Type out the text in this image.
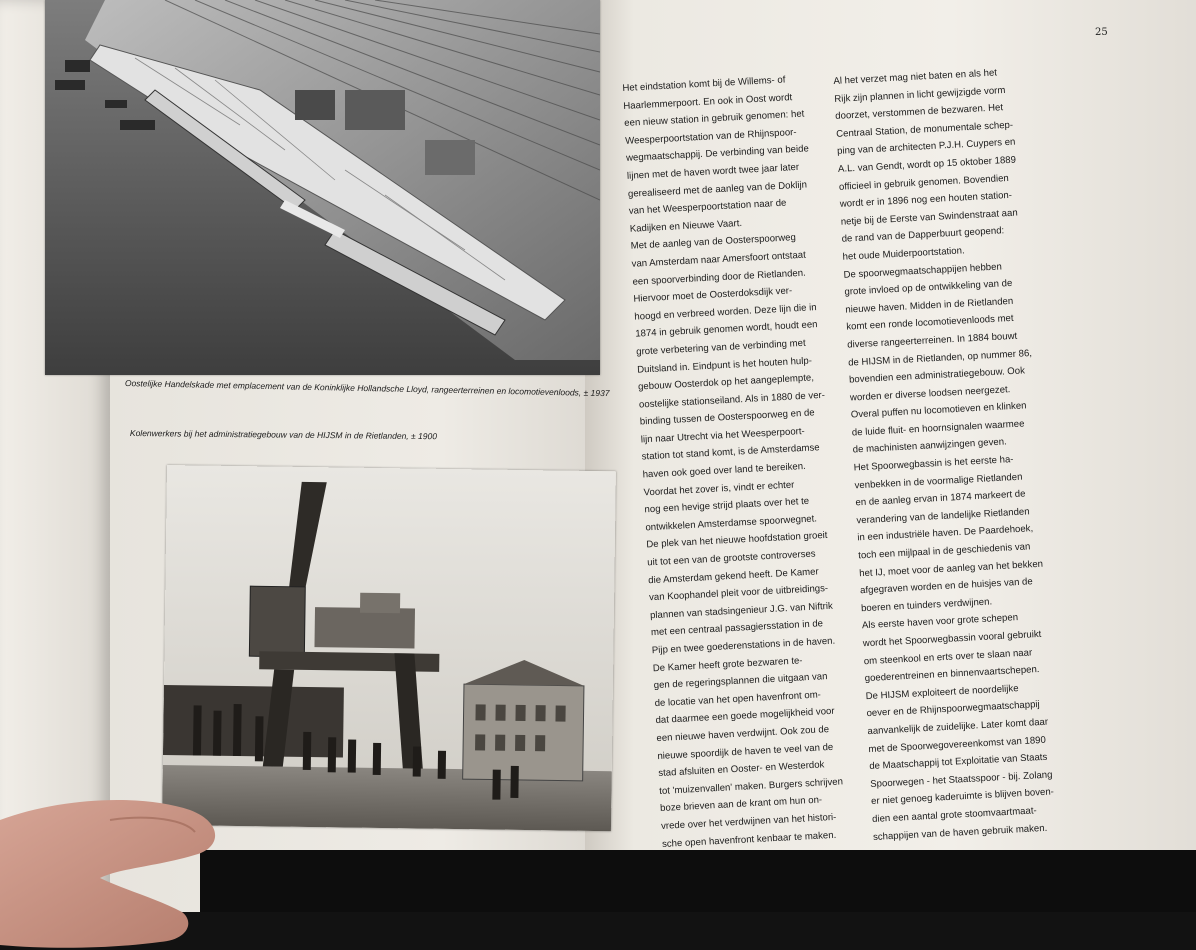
Oostelijke Handelskade met emplacement van de Koninklijke Hollandsche Lloyd, rangeerterreinen en locomotievenloods, ± 1937
Kolenwerkers bij het administratiegebouw van de HIJSM in de Rietlanden, ± 1900
25
Het eindstation komt bij de Willems- of
Haarlemmerpoort. En ook in Oost wordt
een nieuw station in gebruik genomen: het
Weesperpoortstation van de Rhijnspoor-
wegmaatschappij. De verbinding van beide
lijnen met de haven wordt twee jaar later
gerealiseerd met de aanleg van de Doklijn
van het Weesperpoortstation naar de
Kadijken en Nieuwe Vaart.
Met de aanleg van de Oosterspoorweg
van Amsterdam naar Amersfoort ontstaat
een spoorverbinding door de Rietlanden.
Hiervoor moet de Oosterdoksdijk ver-
hoogd en verbreed worden. Deze lijn die in
1874 in gebruik genomen wordt, houdt een
grote verbetering van de verbinding met
Duitsland in. Eindpunt is het houten hulp-
gebouw Oosterdok op het aangeplempte,
oostelijke stationseiland. Als in 1880 de ver-
binding tussen de Oosterspoorweg en de
lijn naar Utrecht via het Weesperpoort-
station tot stand komt, is de Amsterdamse
haven ook goed over land te bereiken.
Voordat het zover is, vindt er echter
nog een hevige strijd plaats over het te
ontwikkelen Amsterdamse spoorwegnet.
De plek van het nieuwe hoofdstation groeit
uit tot een van de grootste controverses
die Amsterdam gekend heeft. De Kamer
van Koophandel pleit voor de uitbreidings-
plannen van stadsingenieur J.G. van Niftrik
met een centraal passagiersstation in de
Pijp en twee goederenstations in de haven.
De Kamer heeft grote bezwaren te-
gen de regeringsplannen die uitgaan van
de locatie van het open havenfront om-
dat daarmee een goede mogelijkheid voor
een nieuwe haven verdwijnt. Ook zou de
nieuwe spoordijk de haven te veel van de
stad afsluiten en Ooster- en Westerdok
tot 'muizenvallen' maken. Burgers schrijven
boze brieven aan de krant om hun on-
vrede over het verdwijnen van het histori-
sche open havenfront kenbaar te maken.
Al het verzet mag niet baten en als het
Rijk zijn plannen in licht gewijzigde vorm
doorzet, verstommen de bezwaren. Het
Centraal Station, de monumentale schep-
ping van de architecten P.J.H. Cuypers en
A.L. van Gendt, wordt op 15 oktober 1889
officieel in gebruik genomen. Bovendien
wordt er in 1896 nog een houten station-
netje bij de Eerste van Swindenstraat aan
de rand van de Dapperbuurt geopend:
het oude Muiderpoortstation.
De spoorwegmaatschappijen hebben
grote invloed op de ontwikkeling van de
nieuwe haven. Midden in de Rietlanden
komt een ronde locomotievenloods met
diverse rangeerterreinen. In 1884 bouwt
de HIJSM in de Rietlanden, op nummer 86,
bovendien een administratiegebouw. Ook
worden er diverse loodsen neergezet.
Overal puffen nu locomotieven en klinken
de luide fluit- en hoornsignalen waarmee
de machinisten aanwijzingen geven.
Het Spoorwegbassin is het eerste ha-
venbekken in de voormalige Rietlanden
en de aanleg ervan in 1874 markeert de
verandering van de landelijke Rietlanden
in een industriële haven. De Paardehoek,
toch een mijlpaal in de geschiedenis van
het IJ, moet voor de aanleg van het bekken
afgegraven worden en de huisjes van de
boeren en tuinders verdwijnen.
Als eerste haven voor grote schepen
wordt het Spoorwegbassin vooral gebruikt
om steenkool en erts over te slaan naar
goederentreinen en binnenvaartschepen.
De HIJSM exploiteert de noordelijke
oever en de Rhijnspoorwegmaatschappij
aanvankelijk de zuidelijke. Later komt daar
met de Spoorwegovereenkomst van 1890
de Maatschappij tot Exploitatie van Staats
Spoorwegen - het Staatsspoor - bij. Zolang
er niet genoeg kaderuimte is blijven boven-
dien een aantal grote stoomvaartmaat-
schappijen van de haven gebruik maken.
